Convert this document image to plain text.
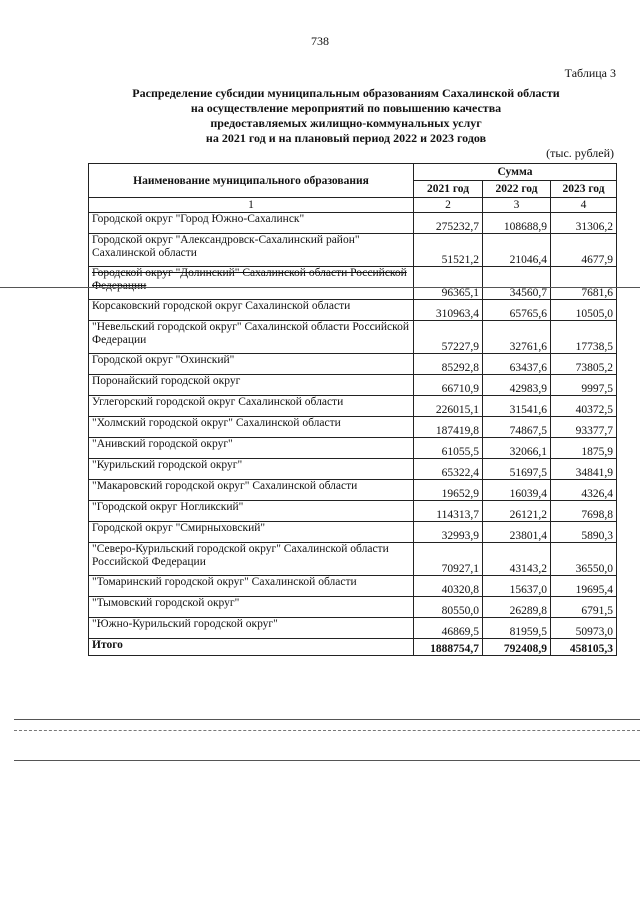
738
Таблица 3
Распределение субсидии муниципальным образованиям Сахалинской области
на осуществление мероприятий по повышению качества
предоставляемых жилищно-коммунальных услуг
на 2021 год и на плановый период 2022 и 2023 годов
(тыс. рублей)
Наименование муниципального образования	Сумма		
	2021 год	2022 год	2023 год
1	2	3	4
Городской округ "Город Южно-Сахалинск"	275232,7	108688,9	31306,2
Городской округ "Александровск-Сахалинский район" Сахалинской области	51521,2	21046,4	4677,9
Городской округ "Долинский" Сахалинской области Российской Федерации	96365,1	34560,7	7681,6
Корсаковский городской округ Сахалинской области	310963,4	65765,6	10505,0
"Невельский городской округ" Сахалинской области Российской Федерации	57227,9	32761,6	17738,5
Городской округ "Охинский"	85292,8	63437,6	73805,2
Поронайский городской округ	66710,9	42983,9	9997,5
Углегорский городской округ Сахалинской области	226015,1	31541,6	40372,5
"Холмский городской округ" Сахалинской области	187419,8	74867,5	93377,7
"Анивский городской округ"	61055,5	32066,1	1875,9
"Курильский городской округ"	65322,4	51697,5	34841,9
"Макаровский городской округ" Сахалинской области	19652,9	16039,4	4326,4
"Городской округ Ногликский"	114313,7	26121,2	7698,8
Городской округ "Смирныховский"	32993,9	23801,4	5890,3
"Северо-Курильский городской округ" Сахалинской области Российской Федерации	70927,1	43143,2	36550,0
"Томаринский городской округ" Сахалинской области	40320,8	15637,0	19695,4
"Тымовский городской округ"	80550,0	26289,8	6791,5
"Южно-Курильский городской округ"	46869,5	81959,5	50973,0
Итого	1888754,7	792408,9	458105,3
